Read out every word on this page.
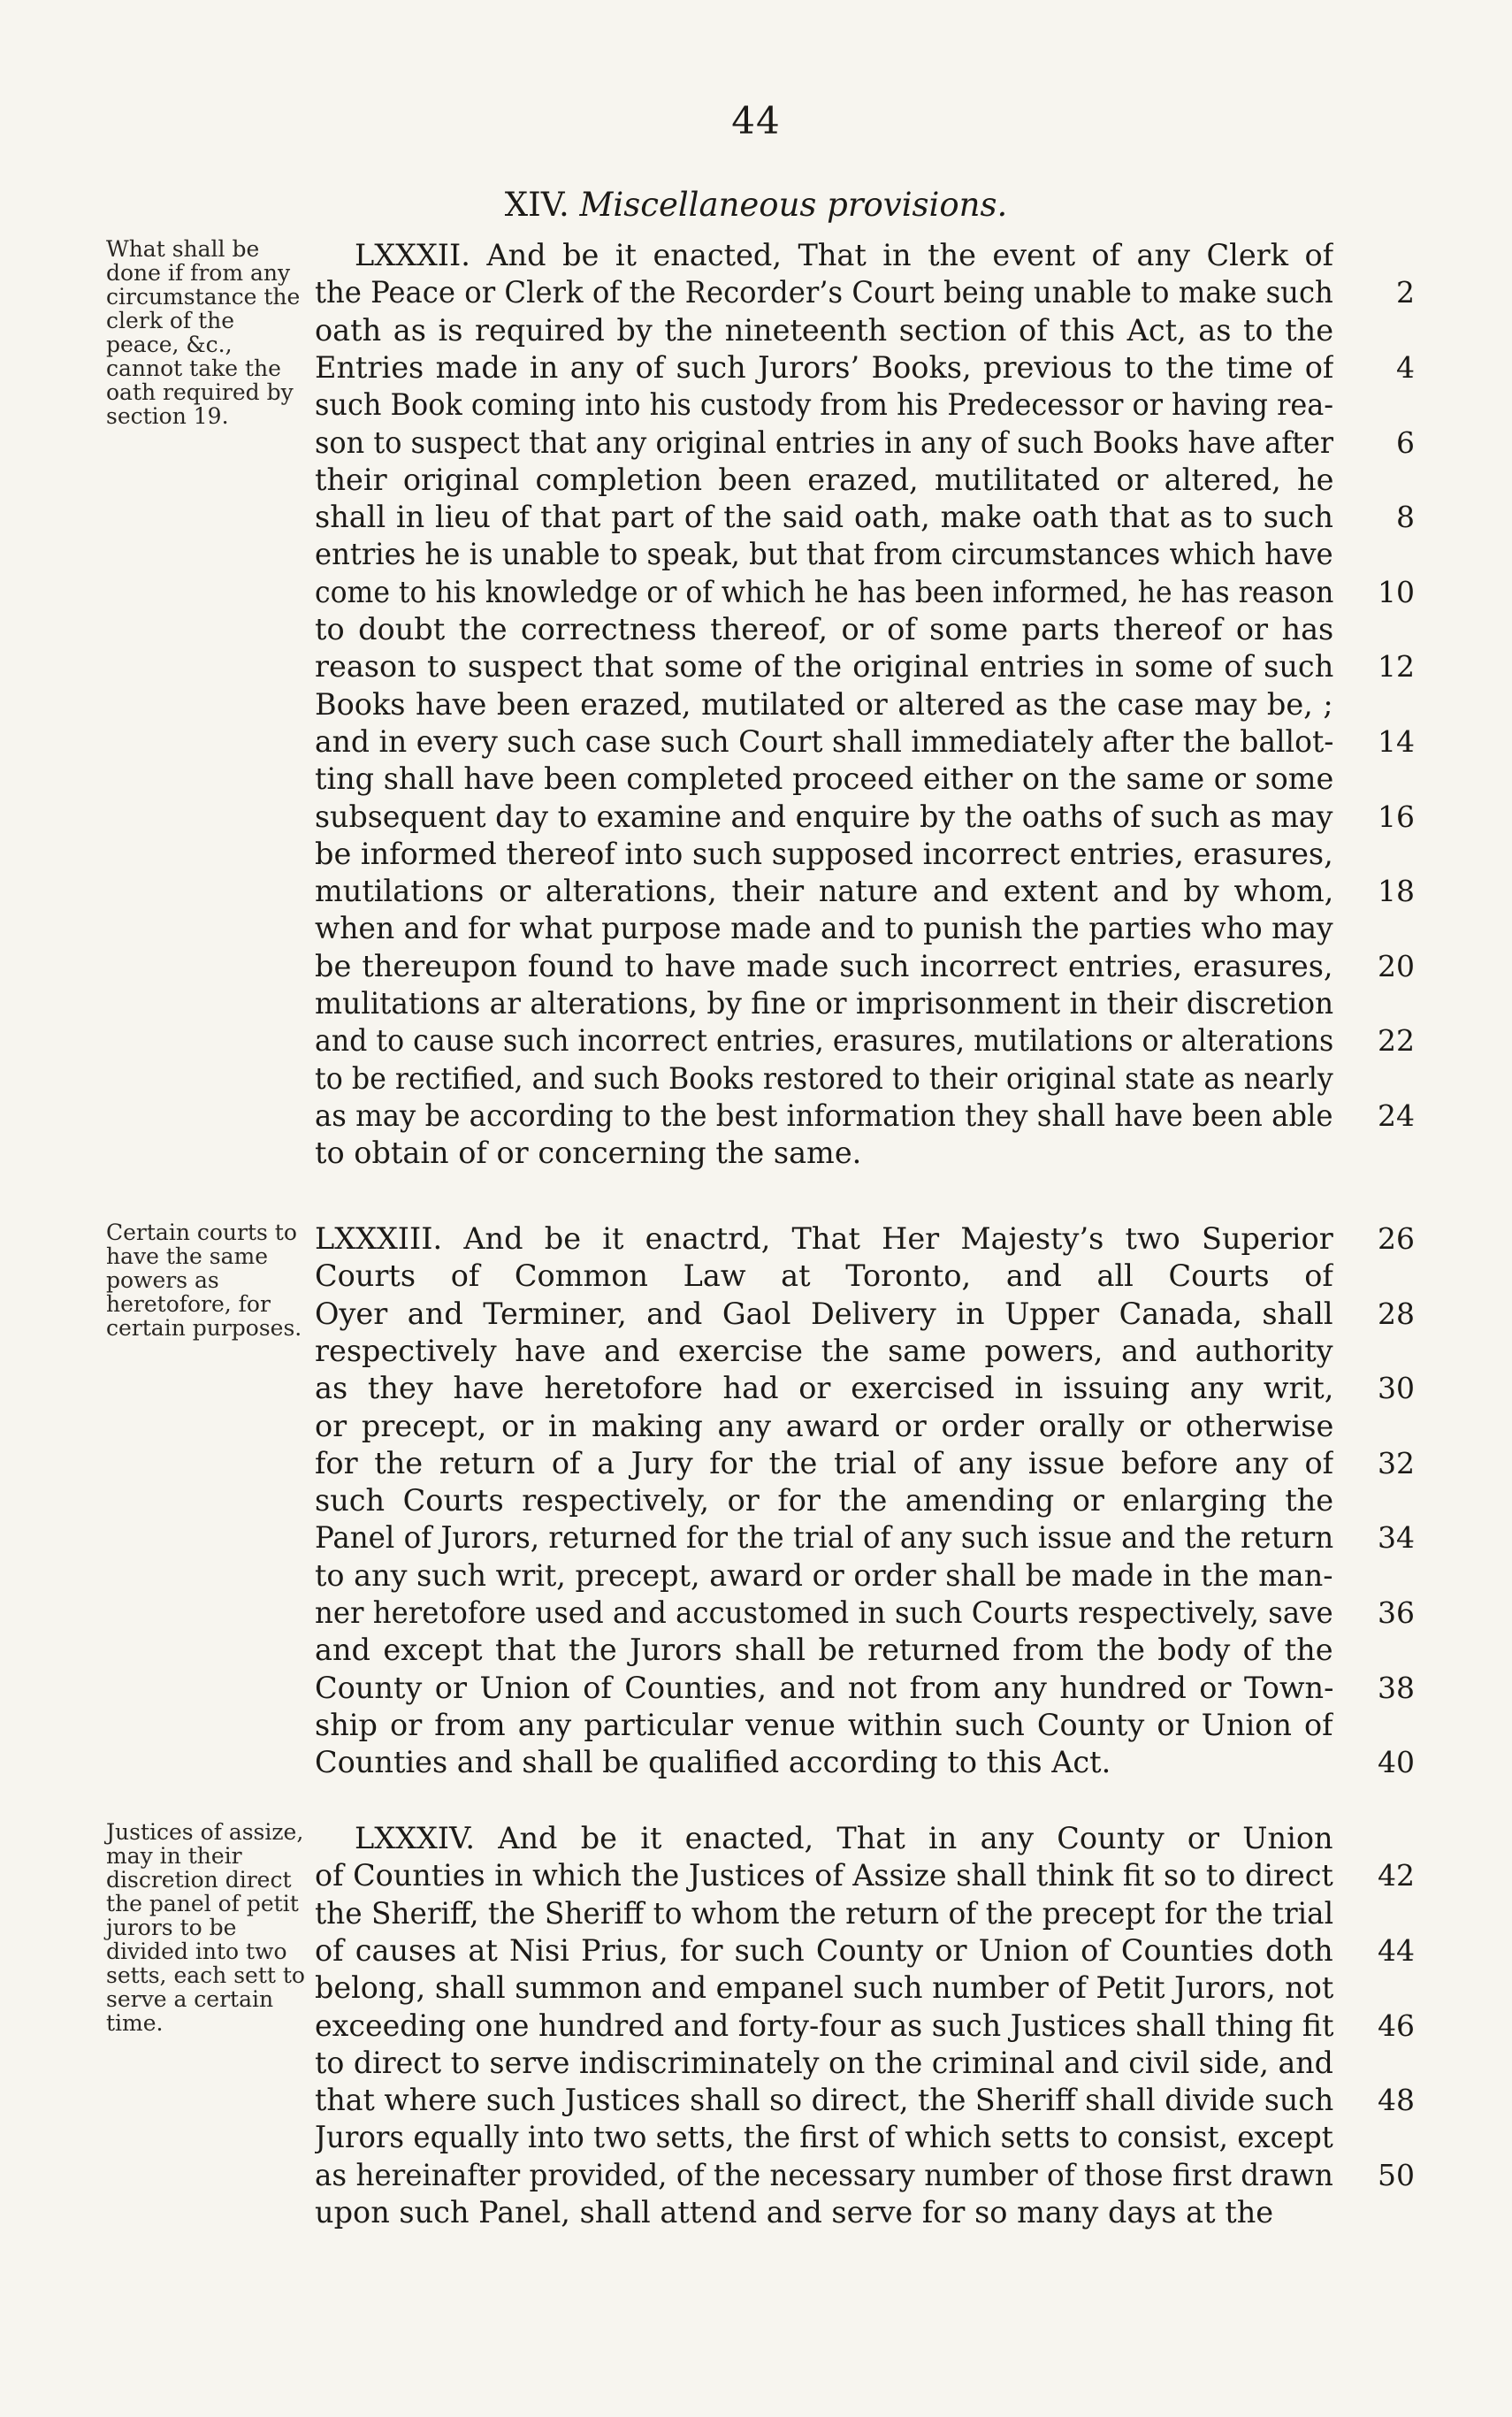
44
XIV. Miscellaneous provisions.
What shall be done if from any circumstance the clerk of the peace, &c., cannot take the oath required by section 19.
LXXXII. And be it enacted, That in the event of any Clerk of
the Peace or Clerk of the Recorder’s Court being unable to make such	2
oath as is required by the nineteenth section of this Act, as to the
Entries made in any of such Jurors’ Books, previous to the time of	4
such Book coming into his custody from his Predecessor or having rea-
son to suspect that any original entries in any of such Books have after	6
their original completion been erazed, mutilitated or altered, he
shall in lieu of that part of the said oath, make oath that as to such	8
entries he is unable to speak, but that from circumstances which have
come to his knowledge or of which he has been informed, he has reason	10
to doubt the correctness thereof, or of some parts thereof or has
reason to suspect that some of the original entries in some of such	12
Books have been erazed, mutilated or altered as the case may be, ;
and in every such case such Court shall immediately after the ballot-	14
ting shall have been completed proceed either on the same or some
subsequent day to examine and enquire by the oaths of such as may	16
be informed thereof into such supposed incorrect entries, erasures,
mutilations or alterations, their nature and extent and by whom,	18
when and for what purpose made and to punish the parties who may
be thereupon found to have made such incorrect entries, erasures,	20
mulitations ar alterations, by fine or imprisonment in their discretion
and to cause such incorrect entries, erasures, mutilations or alterations	22
to be rectified, and such Books restored to their original state as nearly
as may be according to the best information they shall have been able	24
to obtain of or concerning the same.
Certain courts to have the same powers as heretofore, for certain purposes.
LXXXIII. And be it enactrd, That Her Majesty’s two Superior	26
Courts of Common Law at Toronto, and all Courts of
Oyer and Terminer, and Gaol Delivery in Upper Canada, shall	28
respectively have and exercise the same powers, and authority
as they have heretofore had or exercised in issuing any writ,	30
or precept, or in making any award or order orally or otherwise
for the return of a Jury for the trial of any issue before any of	32
such Courts respectively, or for the amending or enlarging the
Panel of Jurors, returned for the trial of any such issue and the return	34
to any such writ, precept, award or order shall be made in the man-
ner heretofore used and accustomed in such Courts respectively, save	36
and except that the Jurors shall be returned from the body of the
County or Union of Counties, and not from any hundred or Town-	38
ship or from any particular venue within such County or Union of
Counties and shall be qualified according to this Act.	40
Justices of assize, may in their discretion direct the panel of petit jurors to be divided into two setts, each sett to serve a certain time.
LXXXIV. And be it enacted, That in any County or Union
of Counties in which the Justices of Assize shall think fit so to direct	42
the Sheriff, the Sheriff to whom the return of the precept for the trial
of causes at Nisi Prius, for such County or Union of Counties doth	44
belong, shall summon and empanel such number of Petit Jurors, not
exceeding one hundred and forty-four as such Justices shall thing fit	46
to direct to serve indiscriminately on the criminal and civil side, and
that where such Justices shall so direct, the Sheriff shall divide such	48
Jurors equally into two setts, the first of which setts to consist, except
as hereinafter provided, of the necessary number of those first drawn	50
upon such Panel, shall attend and serve for so many days at the
